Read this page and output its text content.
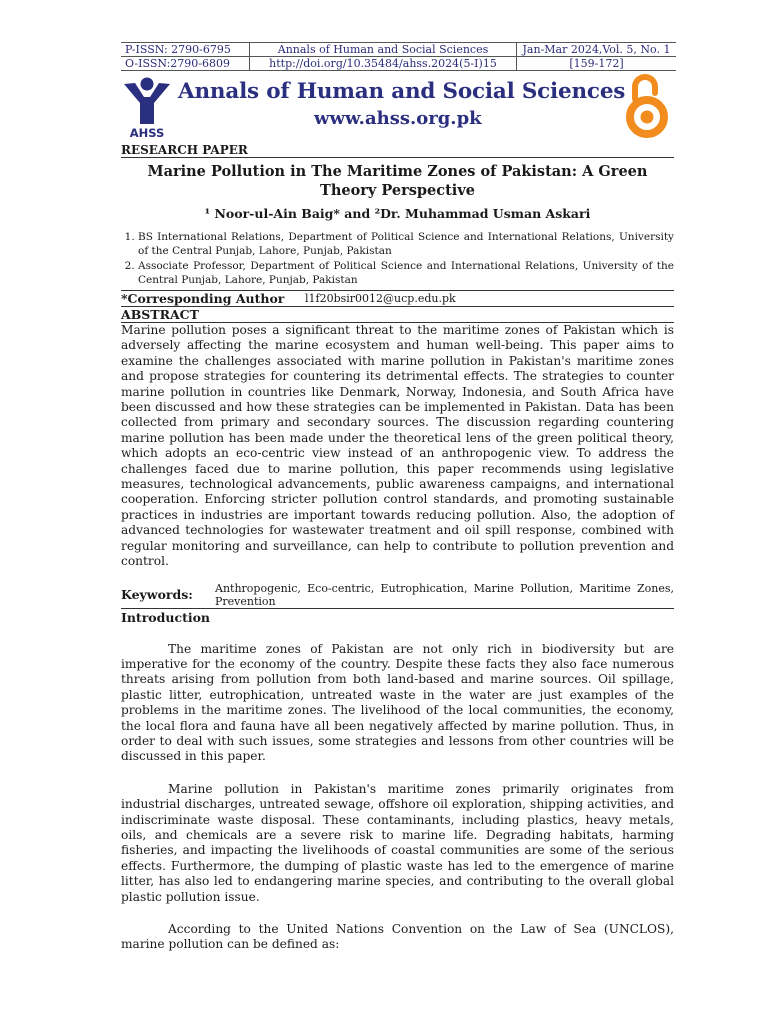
P-ISSN: 2790-6795	Annals of Human and Social Sciences	Jan-Mar 2024,Vol. 5, No. 1
O-ISSN:2790-6809	http://doi.org/10.35484/ahss.2024(5-I)15	[159-172]
AHSS
Annals of Human and Social Sciences
www.ahss.org.pk
RESEARCH PAPER
Marine Pollution in The Maritime Zones of Pakistan: A Green Theory Perspective
¹ Noor-ul-Ain Baig* and ²Dr. Muhammad Usman Askari
1. BS International Relations, Department of Political Science and International Relations, University of the Central Punjab, Lahore, Punjab, Pakistan
2. Associate Professor, Department of Political Science and International Relations, University of the Central Punjab, Lahore, Punjab, Pakistan
*Corresponding Author	l1f20bsir0012@ucp.edu.pk
ABSTRACT

Marine pollution poses a significant threat to the maritime zones of Pakistan which is adversely affecting the marine ecosystem and human well-being. This paper aims to examine the challenges associated with marine pollution in Pakistan's maritime zones and propose strategies for countering its detrimental effects. The strategies to counter marine pollution in countries like Denmark, Norway, Indonesia, and South Africa have been discussed and how these strategies can be implemented in Pakistan. Data has been collected from primary and secondary sources. The discussion regarding countering marine pollution has been made under the theoretical lens of the green political theory, which adopts an eco-centric view instead of an anthropogenic view. To address the challenges faced due to marine pollution, this paper recommends using legislative measures, technological advancements, public awareness campaigns, and international cooperation. Enforcing stricter pollution control standards, and promoting sustainable practices in industries are important towards reducing pollution. Also, the adoption of advanced technologies for wastewater treatment and oil spill response, combined with regular monitoring and surveillance, can help to contribute to pollution prevention and control.

Keywords:	Anthropogenic, Eco-centric, Eutrophication, Marine Pollution, Maritime Zones, Prevention
Introduction

The maritime zones of Pakistan are not only rich in biodiversity but are imperative for the economy of the country. Despite these facts they also face numerous threats arising from pollution from both land-based and marine sources. Oil spillage, plastic litter, eutrophication, untreated waste in the water are just examples of the problems in the maritime zones. The livelihood of the local communities, the economy, the local flora and fauna have all been negatively affected by marine pollution. Thus, in order to deal with such issues, some strategies and lessons from other countries will be discussed in this paper.

Marine pollution in Pakistan's maritime zones primarily originates from industrial discharges, untreated sewage, offshore oil exploration, shipping activities, and indiscriminate waste disposal. These contaminants, including plastics, heavy metals, oils, and chemicals are a severe risk to marine life. Degrading habitats, harming fisheries, and impacting the livelihoods of coastal communities are some of the serious effects. Furthermore, the dumping of plastic waste has led to the emergence of marine litter, has also led to endangering marine species, and contributing to the overall global plastic pollution issue.

According to the United Nations Convention on the Law of Sea (UNCLOS), marine pollution can be defined as:
